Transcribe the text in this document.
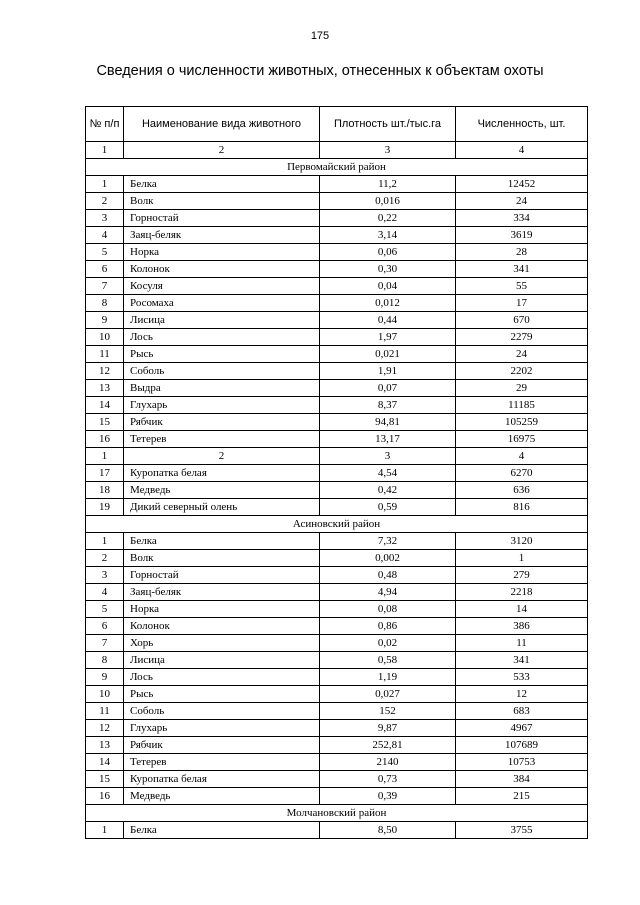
175
Сведения о численности животных, отнесенных к объектам охоты
№ п/п	Наименование вида животного	Плотность шт./тыс.га	Численность, шт.
1	2	3	4
Первомайский район			
1	Белка	11,2	12452
2	Волк	0,016	24
3	Горностай	0,22	334
4	Заяц-беляк	3,14	3619
5	Норка	0,06	28
6	Колонок	0,30	341
7	Косуля	0,04	55
8	Росомаха	0,012	17
9	Лисица	0,44	670
10	Лось	1,97	2279
11	Рысь	0,021	24
12	Соболь	1,91	2202
13	Выдра	0,07	29
14	Глухарь	8,37	11185
15	Рябчик	94,81	105259
16	Тетерев	13,17	16975
1	2	3	4
17	Куропатка белая	4,54	6270
18	Медведь	0,42	636
19	Дикий северный олень	0,59	816
Асиновский район			
1	Белка	7,32	3120
2	Волк	0,002	1
3	Горностай	0,48	279
4	Заяц-беляк	4,94	2218
5	Норка	0,08	14
6	Колонок	0,86	386
7	Хорь	0,02	11
8	Лисица	0,58	341
9	Лось	1,19	533
10	Рысь	0,027	12
11	Соболь	152	683
12	Глухарь	9,87	4967
13	Рябчик	252,81	107689
14	Тетерев	2140	10753
15	Куропатка белая	0,73	384
16	Медведь	0,39	215
Молчановский район			
1	Белка	8,50	3755
